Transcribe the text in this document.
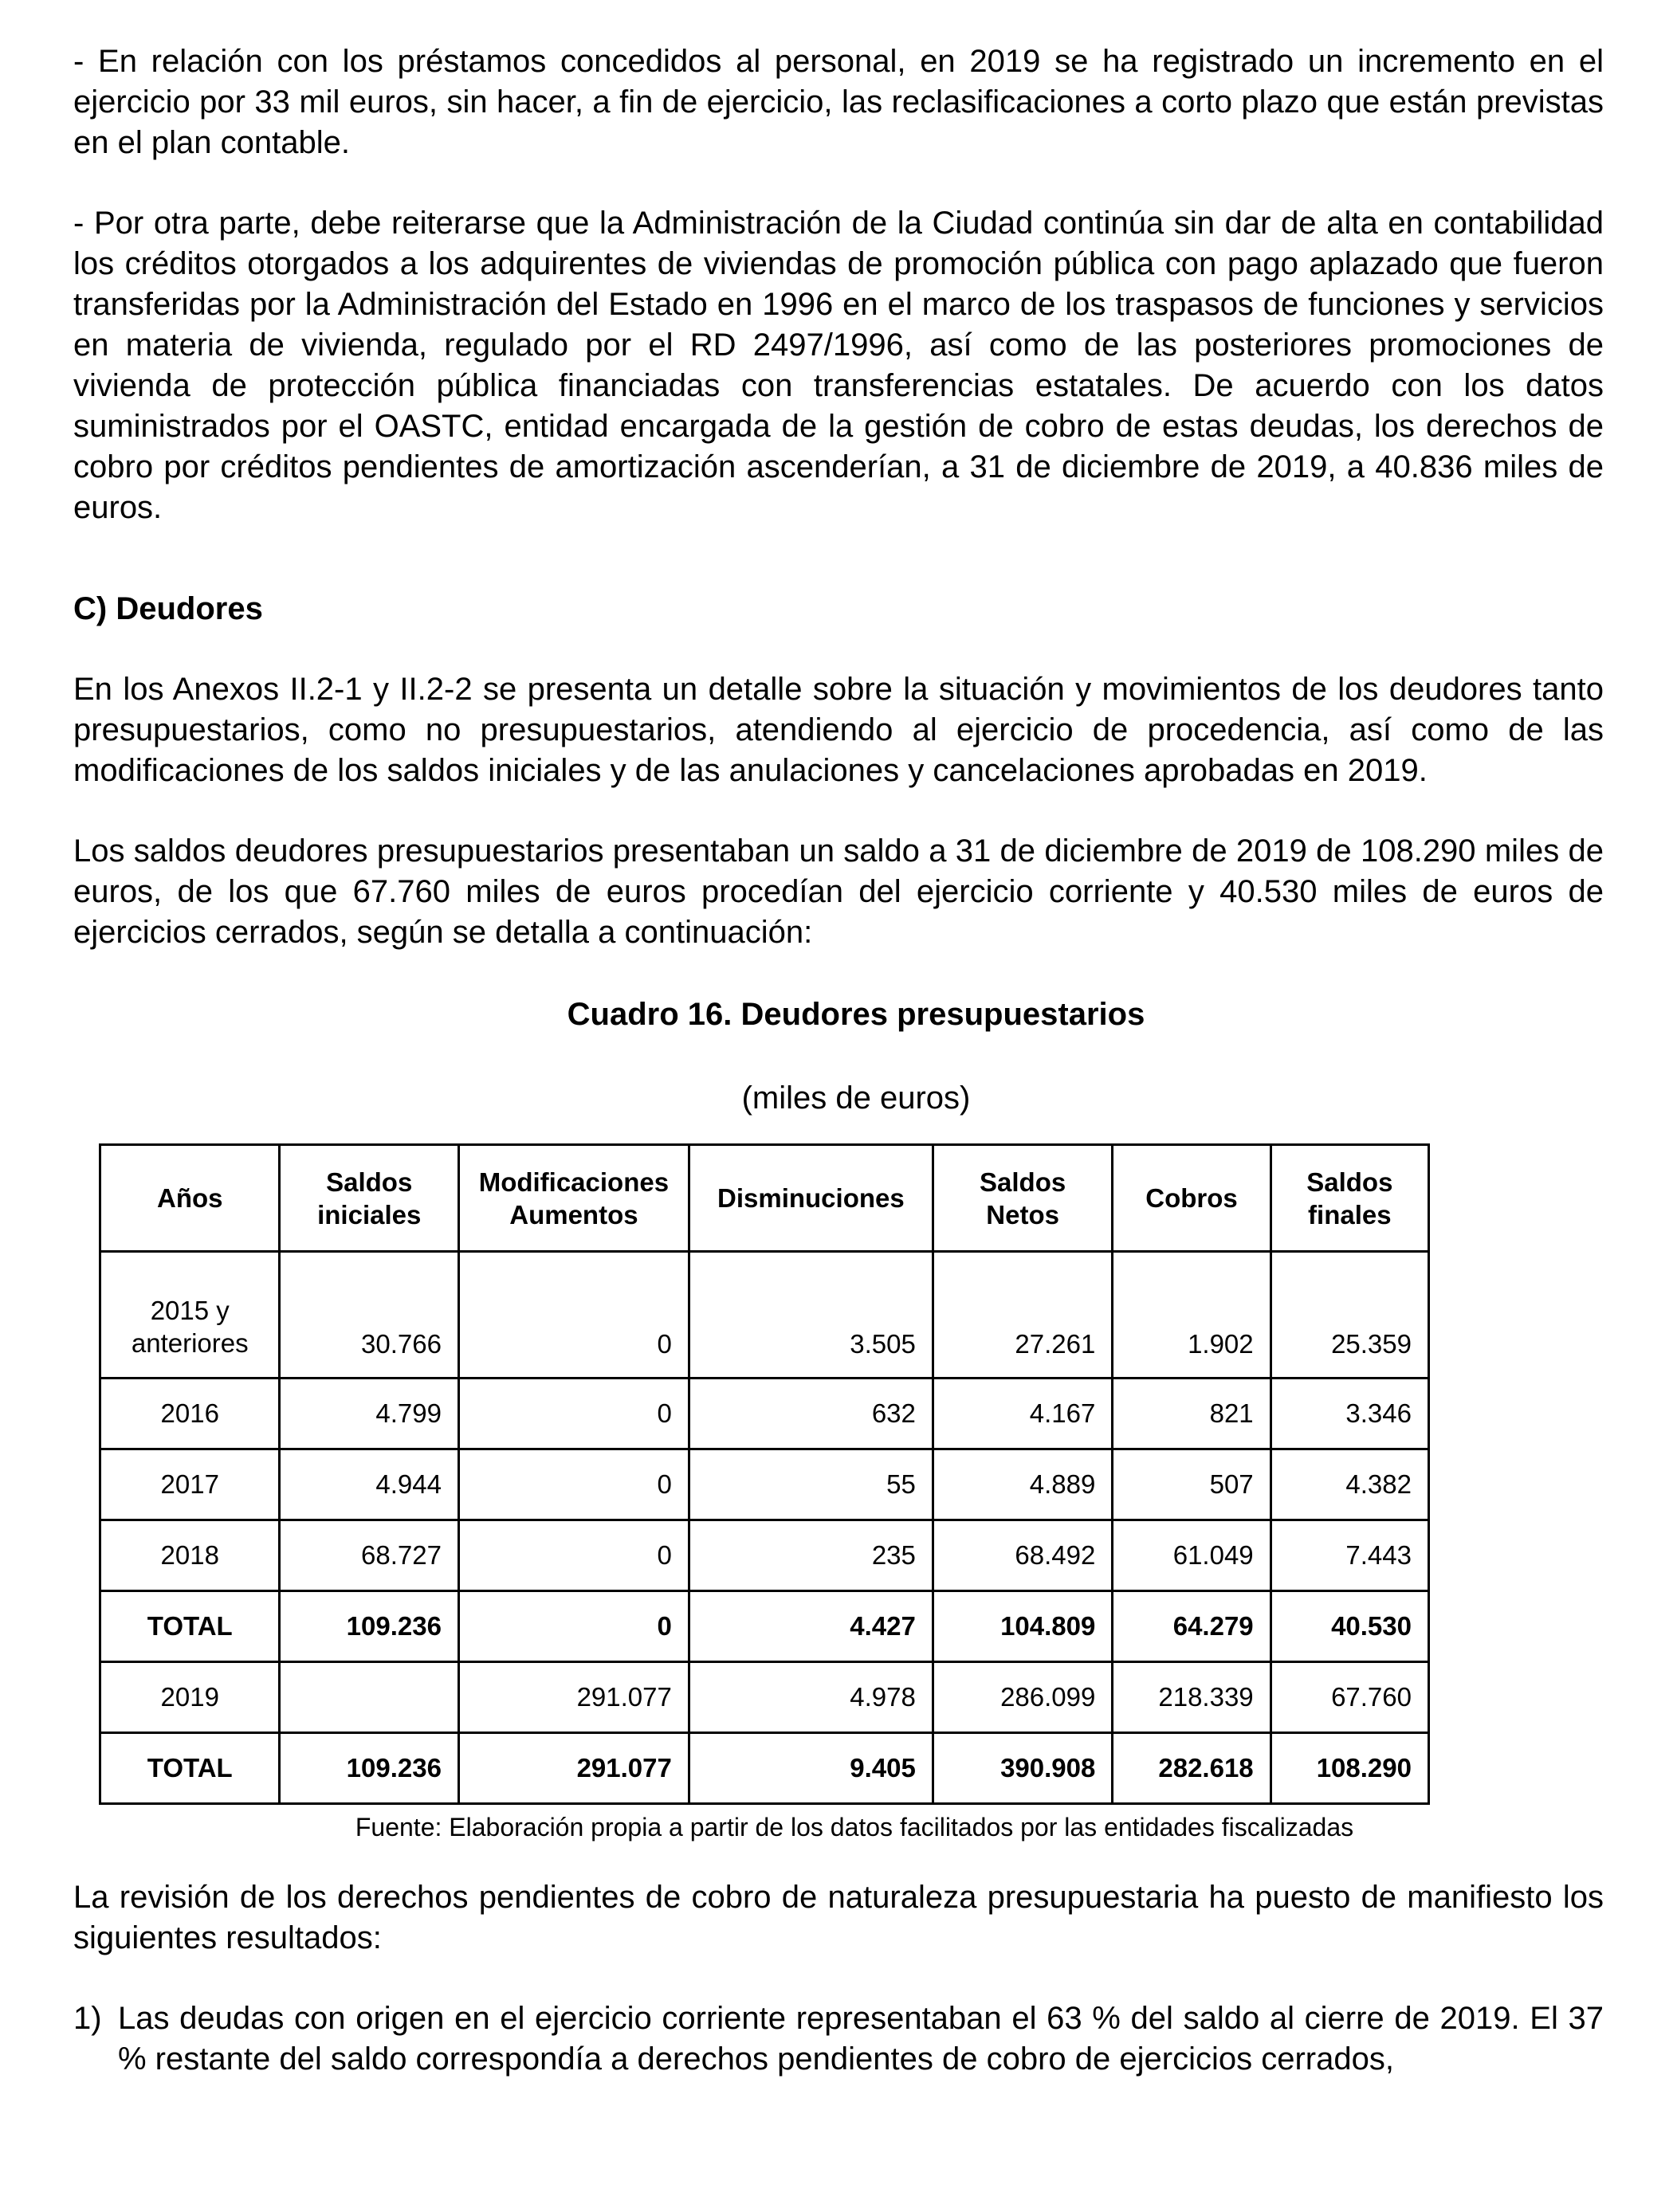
- En relación con los préstamos concedidos al personal, en 2019 se ha registrado un incremento en el ejercicio por 33 mil euros, sin hacer, a fin de ejercicio, las reclasificaciones a corto plazo que están previstas en el plan contable.

- Por otra parte, debe reiterarse que la Administración de la Ciudad continúa sin dar de alta en contabilidad los créditos otorgados a los adquirentes de viviendas de promoción pública con pago aplazado que fueron transferidas por la Administración del Estado en 1996 en el marco de los traspasos de funciones y servicios en materia de vivienda, regulado por el RD 2497/1996, así como de las posteriores promociones de vivienda de protección pública financiadas con transferencias estatales. De acuerdo con los datos suministrados por el OASTC, entidad encargada de la gestión de cobro de estas deudas, los derechos de cobro por créditos pendientes de amortización ascenderían, a 31 de diciembre de 2019, a 40.836 miles de euros.

C) Deudores

En los Anexos II.2-1 y II.2-2 se presenta un detalle sobre la situación y movimientos de los deudores tanto presupuestarios, como no presupuestarios, atendiendo al ejercicio de procedencia, así como de las modificaciones de los saldos iniciales y de las anulaciones y cancelaciones aprobadas en 2019.

Los saldos deudores presupuestarios presentaban un saldo a 31 de diciembre de 2019 de 108.290 miles de euros, de los que 67.760 miles de euros procedían del ejercicio corriente y 40.530 miles de euros de ejercicios cerrados, según se detalla a continuación:

Cuadro 16. Deudores presupuestarios

(miles de euros)

Años	Saldos iniciales	Modificaciones Aumentos	Disminuciones	Saldos Netos	Cobros	Saldos finales
2015 y anteriores	30.766	0	3.505	27.261	1.902	25.359
2016	4.799	0	632	4.167	821	3.346
2017	4.944	0	55	4.889	507	4.382
2018	68.727	0	235	68.492	61.049	7.443
TOTAL	109.236	0	4.427	104.809	64.279	40.530
2019		291.077	4.978	286.099	218.339	67.760
TOTAL	109.236	291.077	9.405	390.908	282.618	108.290
Fuente: Elaboración propia a partir de los datos facilitados por las entidades fiscalizadas

La revisión de los derechos pendientes de cobro de naturaleza presupuestaria ha puesto de manifiesto los siguientes resultados:

1) Las deudas con origen en el ejercicio corriente representaban el 63 % del saldo al cierre de 2019. El 37 % restante del saldo correspondía a derechos pendientes de cobro de ejercicios cerrados,
